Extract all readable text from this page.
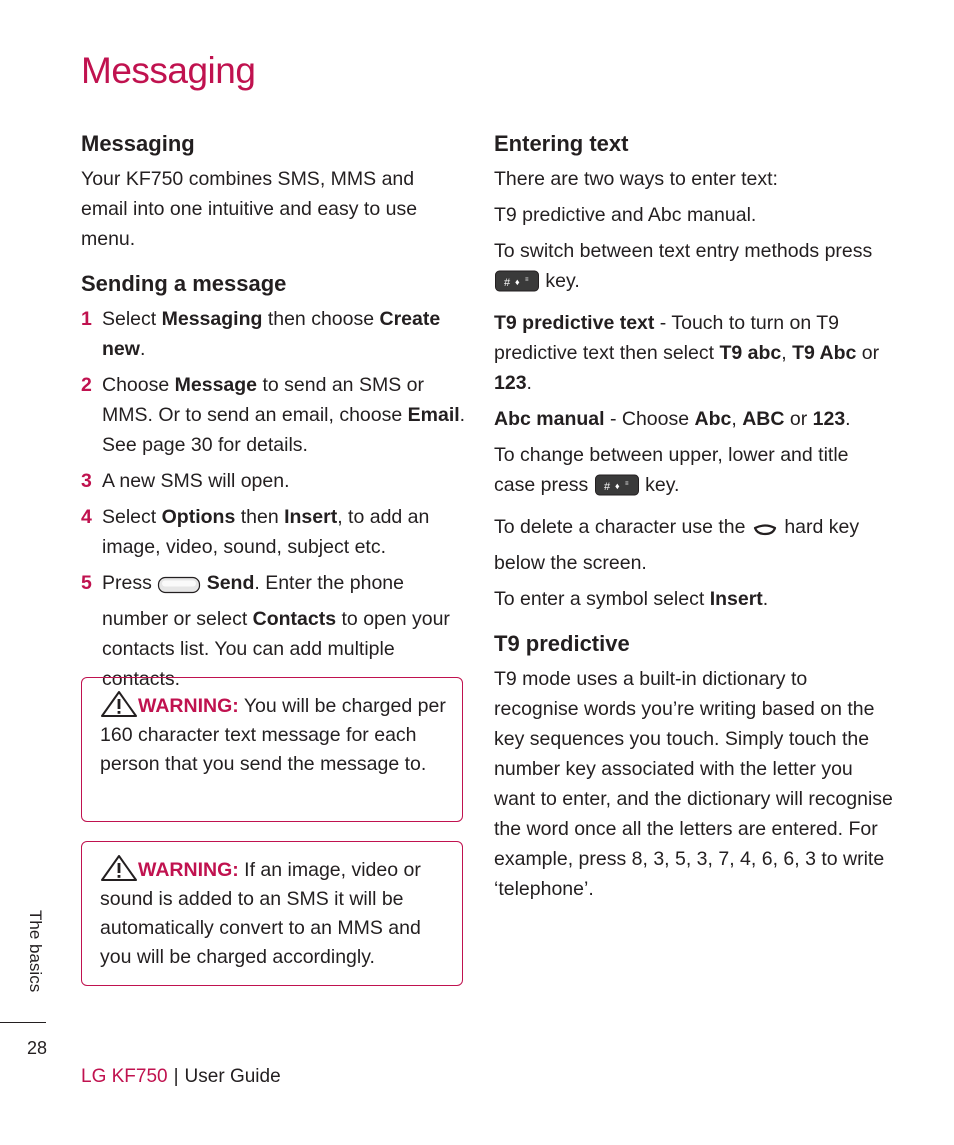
Messaging
Messaging

Your KF750 combines SMS, MMS and email into one intuitive and easy to use menu.

Sending a message
1 Select Messaging then choose Create new.
2 Choose Message to send an SMS or MMS. Or to send an email, choose Email. See page 30 for details.
3 A new SMS will open.
4 Select Options then Insert, to add an image, video, sound, subject etc.
5 Press	Send. Enter the phone number or select Contacts to open your contacts list. You can add multiple contacts.
WARNING: You will be charged per 160 character text message for each person that you send the message to.
WARNING: If an image, video or sound is added to an SMS it will be automatically convert to an MMS and you will be charged accordingly.
Entering text

There are two ways to enter text:

T9 predictive and Abc manual.

To switch between text entry methods press
# ♦ ≡ key.

T9 predictive text - Touch to turn on T9 predictive text then select T9 abc, T9 Abc or 123.

Abc manual - Choose Abc, ABC or 123.

To change between upper, lower and title case press # ♦ ≡ key.

To delete a character use the  hard key below the screen.

To enter a symbol select Insert.

T9 predictive

T9 mode uses a built-in dictionary to recognise words you’re writing based on the key sequences you touch. Simply touch the number key associated with the letter you want to enter, and the dictionary will recognise the word once all the letters are entered. For example, press 8, 3, 5, 3, 7, 4, 6, 6, 3 to write ‘telephone’.

The basics
28
LG KF750 | User Guide
